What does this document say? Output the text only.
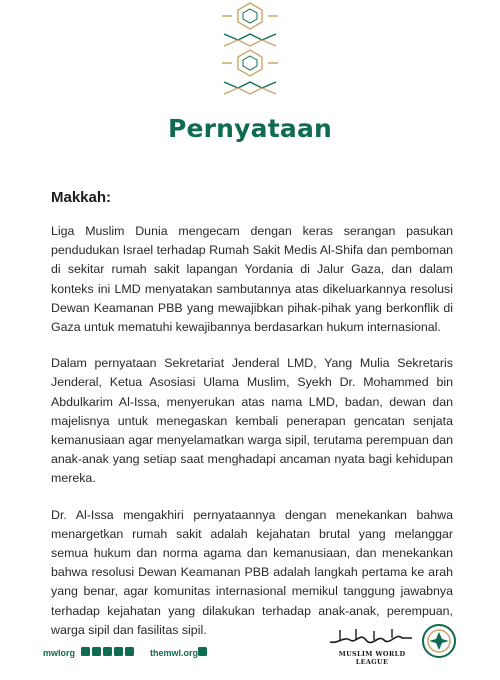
Pernyataan
Makkah:

Liga Muslim Dunia mengecam dengan keras serangan pasukan pendudukan Israel terhadap Rumah Sakit Medis Al-Shifa dan pemboman di sekitar rumah sakit lapangan Yordania di Jalur Gaza, dan dalam konteks ini LMD menyatakan sambutannya atas dikeluarkannya resolusi Dewan Keamanan PBB yang mewajibkan pihak-pihak yang berkonflik di Gaza untuk mematuhi kewajibannya berdasarkan hukum internasional.

Dalam pernyataan Sekretariat Jenderal LMD, Yang Mulia Sekretaris Jenderal, Ketua Asosiasi Ulama Muslim, Syekh Dr. Mohammed bin Abdulkarim Al-Issa, menyerukan atas nama LMD, badan, dewan dan majelisnya untuk menegaskan kembali penerapan gencatan senjata kemanusiaan agar menyelamatkan warga sipil, terutama perempuan dan anak-anak yang setiap saat menghadapi ancaman nyata bagi kehidupan mereka.

Dr. Al-Issa mengakhiri pernyataannya dengan menekankan bahwa menargetkan rumah sakit adalah kejahatan brutal yang melanggar semua hukum dan norma agama dan kemanusiaan, dan menekankan bahwa resolusi Dewan Keamanan PBB adalah langkah pertama ke arah yang benar, agar komunitas internasional memikul tanggung jawabnya terhadap kejahatan yang dilakukan terhadap anak-anak, perempuan, warga sipil dan fasilitas sipil.

mwlorg	themwl.org	MUSLIM WORLD LEAGUE
